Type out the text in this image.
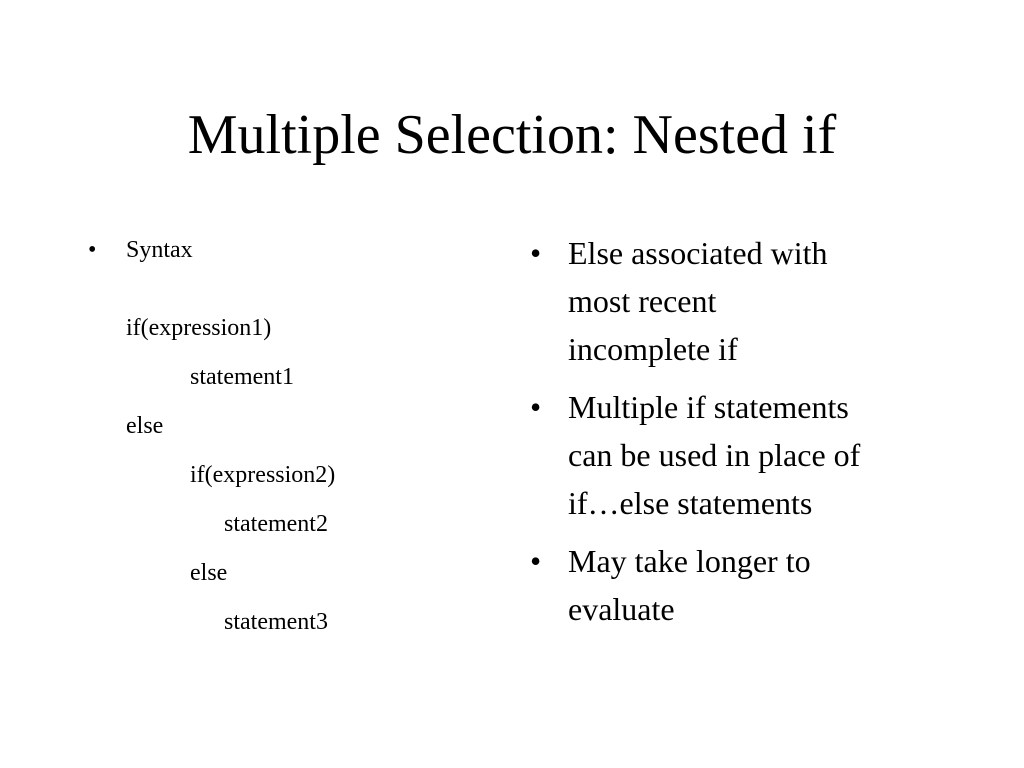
Multiple Selection: Nested if
• Syntax
if(expression1)
statement1
else
if(expression2)
statement2
else
statement3
• Else associated with
most recent
incomplete if
• Multiple if statements
can be used in place of
if…else statements
• May take longer to
evaluate
